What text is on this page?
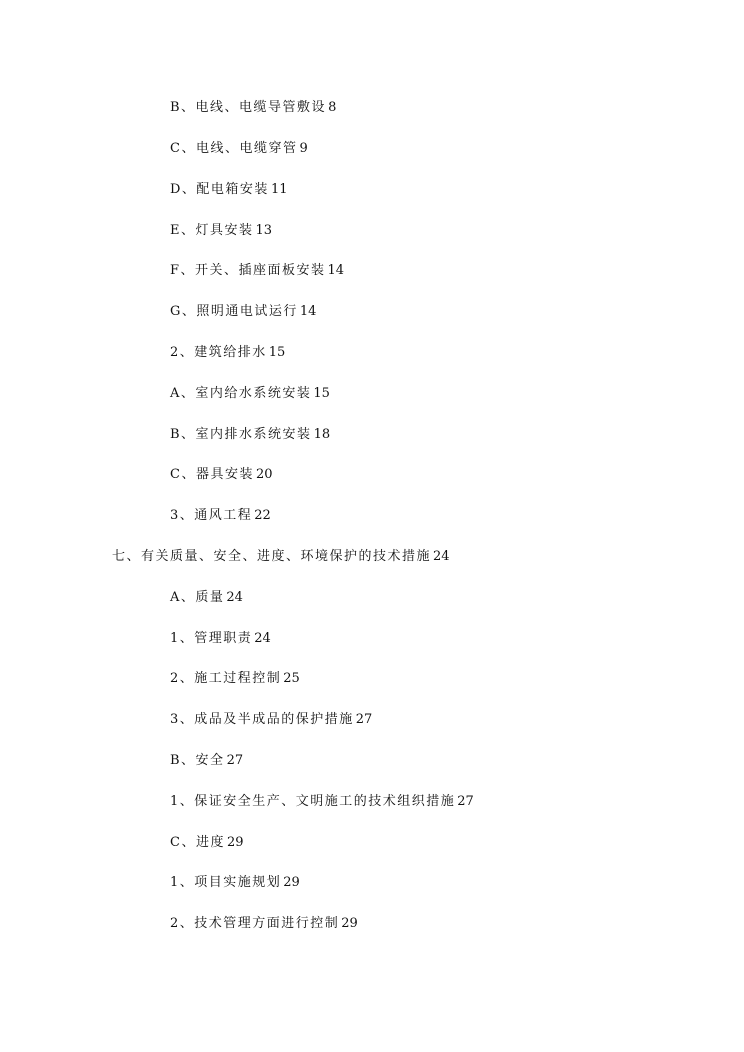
B、电线、电缆导管敷设 8
C、电线、电缆穿管 9
D、配电箱安装 11
E、灯具安装 13
F、开关、插座面板安装 14
G、照明通电试运行 14
2、建筑给排水 15
A、室内给水系统安装 15
B、室内排水系统安装 18
C、器具安装 20
3、通风工程 22
七、有关质量、安全、进度、环境保护的技术措施 24
A、质量 24
1、管理职责 24
2、施工过程控制 25
3、成品及半成品的保护措施 27
B、安全 27
1、保证安全生产、文明施工的技术组织措施 27
C、进度 29
1、项目实施规划 29
2、技术管理方面进行控制 29
